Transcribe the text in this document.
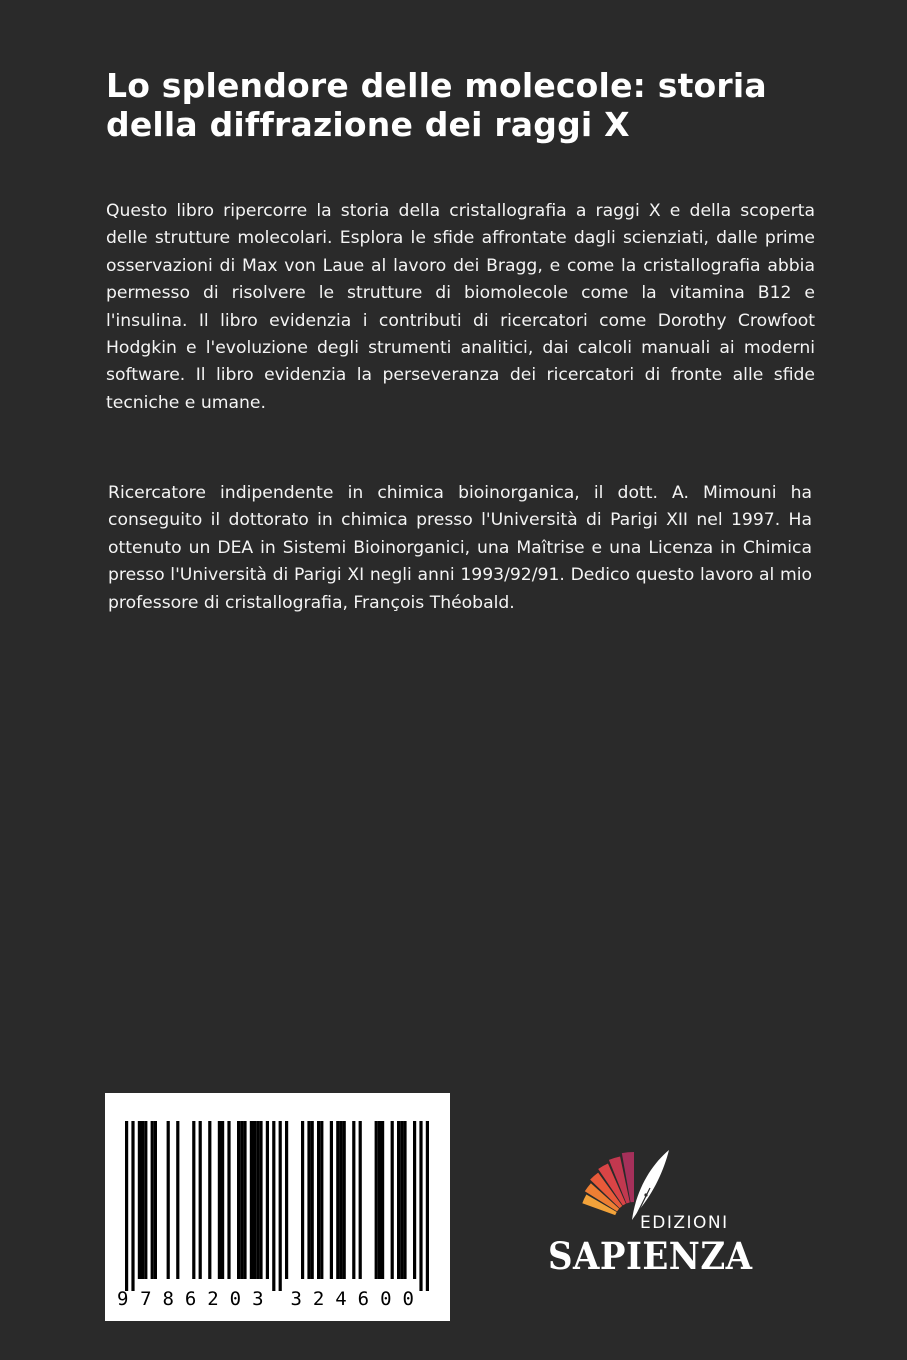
Lo splendore delle molecole: storia della diffrazione dei raggi X

Questo libro ripercorre la storia della cristallografia a raggi X e della scoperta delle strutture molecolari. Esplora le sfide affrontate dagli scienziati, dalle prime osservazioni di Max von Laue al lavoro dei Bragg, e come la cristallografia abbia permesso di risolvere le strutture di biomolecole come la vitamina B12 e l'insulina. Il libro evidenzia i contributi di ricercatori come Dorothy Crowfoot Hodgkin e l'evoluzione degli strumenti analitici, dai calcoli manuali ai moderni software. Il libro evidenzia la perseveranza dei ricercatori di fronte alle sfide tecniche e umane.

Ricercatore indipendente in chimica bioinorganica, il dott. A. Mimouni ha conseguito il dottorato in chimica presso l'Università di Parigi XII nel 1997. Ha ottenuto un DEA in Sistemi Bioinorganici, una Maîtrise e una Licenza in Chimica presso l'Università di Parigi XI negli anni 1993/92/91. Dedico questo lavoro al mio professore di cristallografia, François Théobald.

9 7 8 6 2 0 3 3 2 4 6 0 0
EDIZIONI
SAPIENZA
